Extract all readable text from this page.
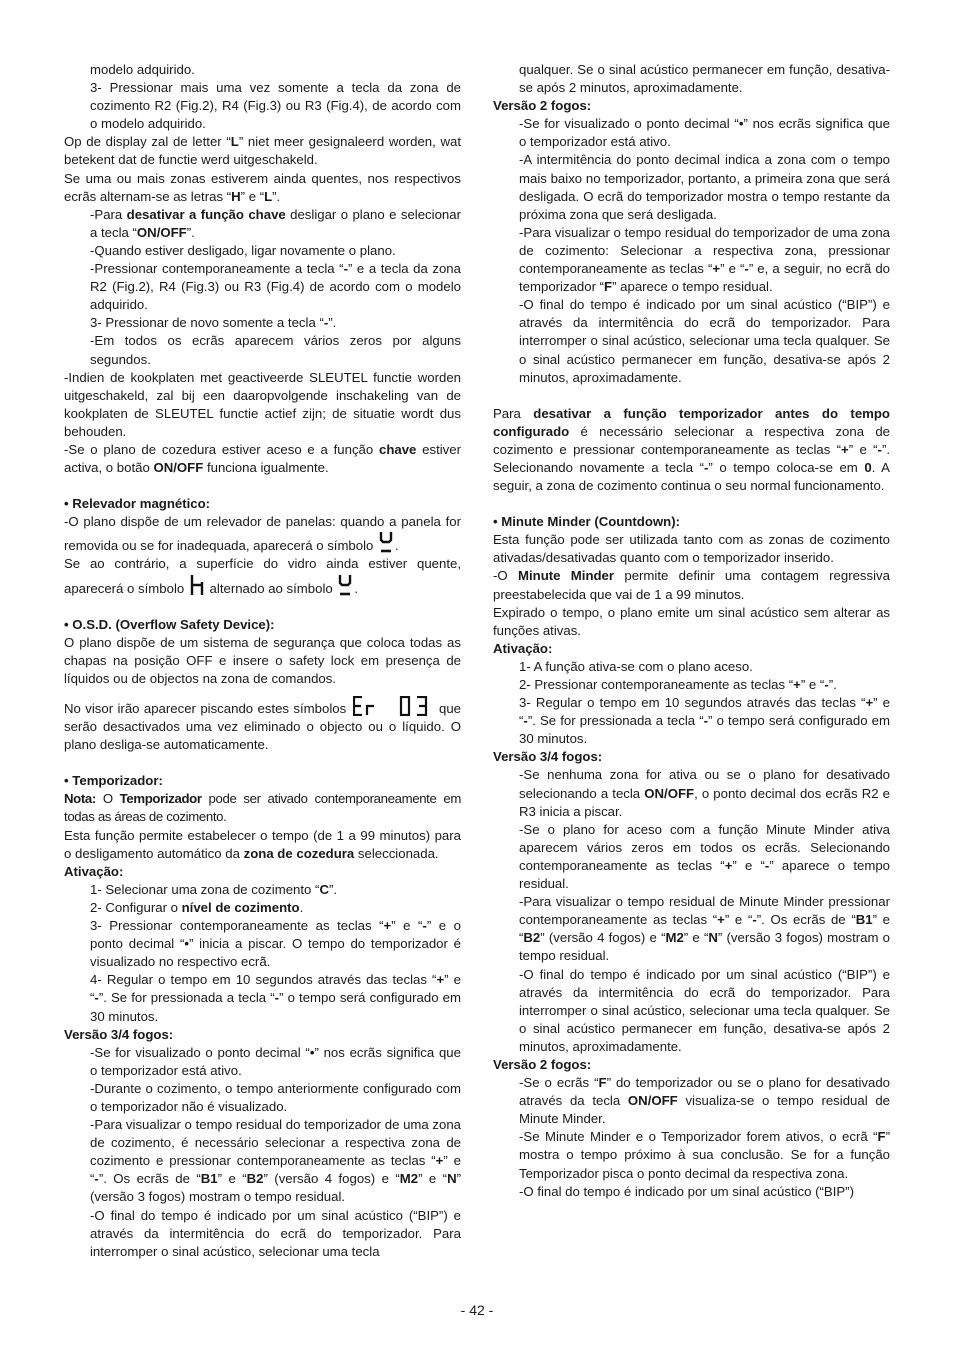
modelo adquirido.

3- Pressionar mais uma vez somente a tecla da zona de cozimento R2 (Fig.2), R4 (Fig.3) ou R3 (Fig.4), de acordo com o modelo adquirido.

Op de display zal de letter “L” niet meer gesignaleerd worden, wat betekent dat de functie werd uitgeschakeld.

Se uma ou mais zonas estiverem ainda quentes, nos respectivos ecrãs alternam-se as letras “H” e “L”.

-Para desativar a função chave desligar o plano e selecionar a tecla “ON/OFF”.

-Quando estiver desligado, ligar novamente o plano.

-Pressionar contemporaneamente a tecla “-” e a tecla da zona R2 (Fig.2), R4 (Fig.3) ou R3 (Fig.4) de acordo com o modelo adquirido.

3- Pressionar de novo somente a tecla “-”.

-Em todos os ecrãs aparecem vários zeros por alguns segundos.

-Indien de kookplaten met geactiveerde SLEUTEL functie worden uitgeschakeld, zal bij een daaropvolgende inschakeling van de kookplaten de SLEUTEL functie actief zijn; de situatie wordt dus behouden.

-Se o plano de cozedura estiver aceso e a função chave estiver activa, o botão ON/OFF funciona igualmente.

• Relevador magnético:

-O plano dispõe de um relevador de panelas: quando a panela for removida ou se for inadequada, aparecerá o símbolo .

Se ao contrário, a superfície do vidro ainda estiver quente, aparecerá o símbolo  alternado ao símbolo .

• O.S.D. (Overflow Safety Device):

O plano dispõe de um sistema de segurança que coloca todas as chapas na posição OFF e insere o safety lock em presença de líquidos ou de objectos na zona de comandos.

No visor irão aparecer piscando estes símbolos	que serão desactivados uma vez eliminado o objecto ou o líquido. O plano desliga-se automaticamente.

• Temporizador:

Nota: O Temporizador pode ser ativado contemporaneamente em todas as áreas de cozimento.

Esta função permite estabelecer o tempo (de 1 a 99 minutos) para o desligamento automático da zona de cozedura seleccionada.

Ativação:

1- Selecionar uma zona de cozimento “C”.

2- Configurar o nível de cozimento.

3- Pressionar contemporaneamente as teclas “+” e “-” e o ponto decimal “•” inicia a piscar. O tempo do temporizador é visualizado no respectivo ecrã.

4- Regular o tempo em 10 segundos através das teclas “+” e “-”. Se for pressionada a tecla “-” o tempo será configurado em 30 minutos.

Versão 3/4 fogos:

-Se for visualizado o ponto decimal “•” nos ecrãs significa que o temporizador está ativo.

-Durante o cozimento, o tempo anteriormente configurado com o temporizador não é visualizado.

-Para visualizar o tempo residual do temporizador de uma zona de cozimento, é necessário selecionar a respectiva zona de cozimento e pressionar contemporaneamente as teclas “+” e “-”. Os ecrãs de “B1” e “B2” (versão 4 fogos) e “M2” e “N” (versão 3 fogos) mostram o tempo residual.

-O final do tempo é indicado por um sinal acústico (“BIP”) e através da intermitência do ecrã do temporizador. Para interromper o sinal acústico, selecionar uma tecla

qualquer. Se o sinal acústico permanecer em função, desativa-se após 2 minutos, aproximadamente.

Versão 2 fogos:

-Se for visualizado o ponto decimal “•” nos ecrãs significa que o temporizador está ativo.

-A intermitência do ponto decimal indica a zona com o tempo mais baixo no temporizador, portanto, a primeira zona que será desligada. O ecrã do temporizador mostra o tempo restante da próxima zona que será desligada.

-Para visualizar o tempo residual do temporizador de uma zona de cozimento: Selecionar a respectiva zona, pressionar contemporaneamente as teclas “+” e “-” e, a seguir, no ecrã do temporizador “F” aparece o tempo residual.

-O final do tempo é indicado por um sinal acústico (“BIP”) e através da intermitência do ecrã do temporizador. Para interromper o sinal acústico, selecionar uma tecla qualquer. Se o sinal acústico permanecer em função, desativa-se após 2 minutos, aproximadamente.

Para desativar a função temporizador antes do tempo configurado é necessário selecionar a respectiva zona de cozimento e pressionar contemporaneamente as teclas “+” e “-”. Selecionando novamente a tecla “-” o tempo coloca-se em 0. A seguir, a zona de cozimento continua o seu normal funcionamento.

• Minute Minder (Countdown):

Esta função pode ser utilizada tanto com as zonas de cozimento ativadas/desativadas quanto com o temporizador inserido.

-O Minute Minder permite definir uma contagem regressiva preestabelecida que vai de 1 a 99 minutos.

Expirado o tempo, o plano emite um sinal acústico sem alterar as funções ativas.

Ativação:

1- A função ativa-se com o plano aceso.

2- Pressionar contemporaneamente as teclas “+” e “-”.

3- Regular o tempo em 10 segundos através das teclas “+” e “-”. Se for pressionada a tecla “-” o tempo será configurado em 30 minutos.

Versão 3/4 fogos:

-Se nenhuma zona for ativa ou se o plano for desativado selecionando a tecla ON/OFF, o ponto decimal dos ecrãs R2 e R3 inicia a piscar.

-Se o plano for aceso com a função Minute Minder ativa aparecem vários zeros em todos os ecrãs. Selecionando contemporaneamente as teclas “+” e “-” aparece o tempo residual.

-Para visualizar o tempo residual de Minute Minder pressionar contemporaneamente as teclas “+” e “-”. Os ecrãs de “B1” e “B2” (versão 4 fogos) e “M2” e “N” (versão 3 fogos) mostram o tempo residual.

-O final do tempo é indicado por um sinal acústico (“BIP”) e através da intermitência do ecrã do temporizador. Para interromper o sinal acústico, selecionar uma tecla qualquer. Se o sinal acústico permanecer em função, desativa-se após 2 minutos, aproximadamente.

Versão 2 fogos:

-Se o ecrãs “F” do temporizador ou se o plano for desativado através da tecla ON/OFF visualiza-se o tempo residual de Minute Minder.

-Se Minute Minder e o Temporizador forem ativos, o ecrã “F” mostra o tempo próximo à sua conclusão. Se for a função Temporizador pisca o ponto decimal da respectiva zona.

-O final do tempo é indicado por um sinal acústico (“BIP”)

- 42 -
